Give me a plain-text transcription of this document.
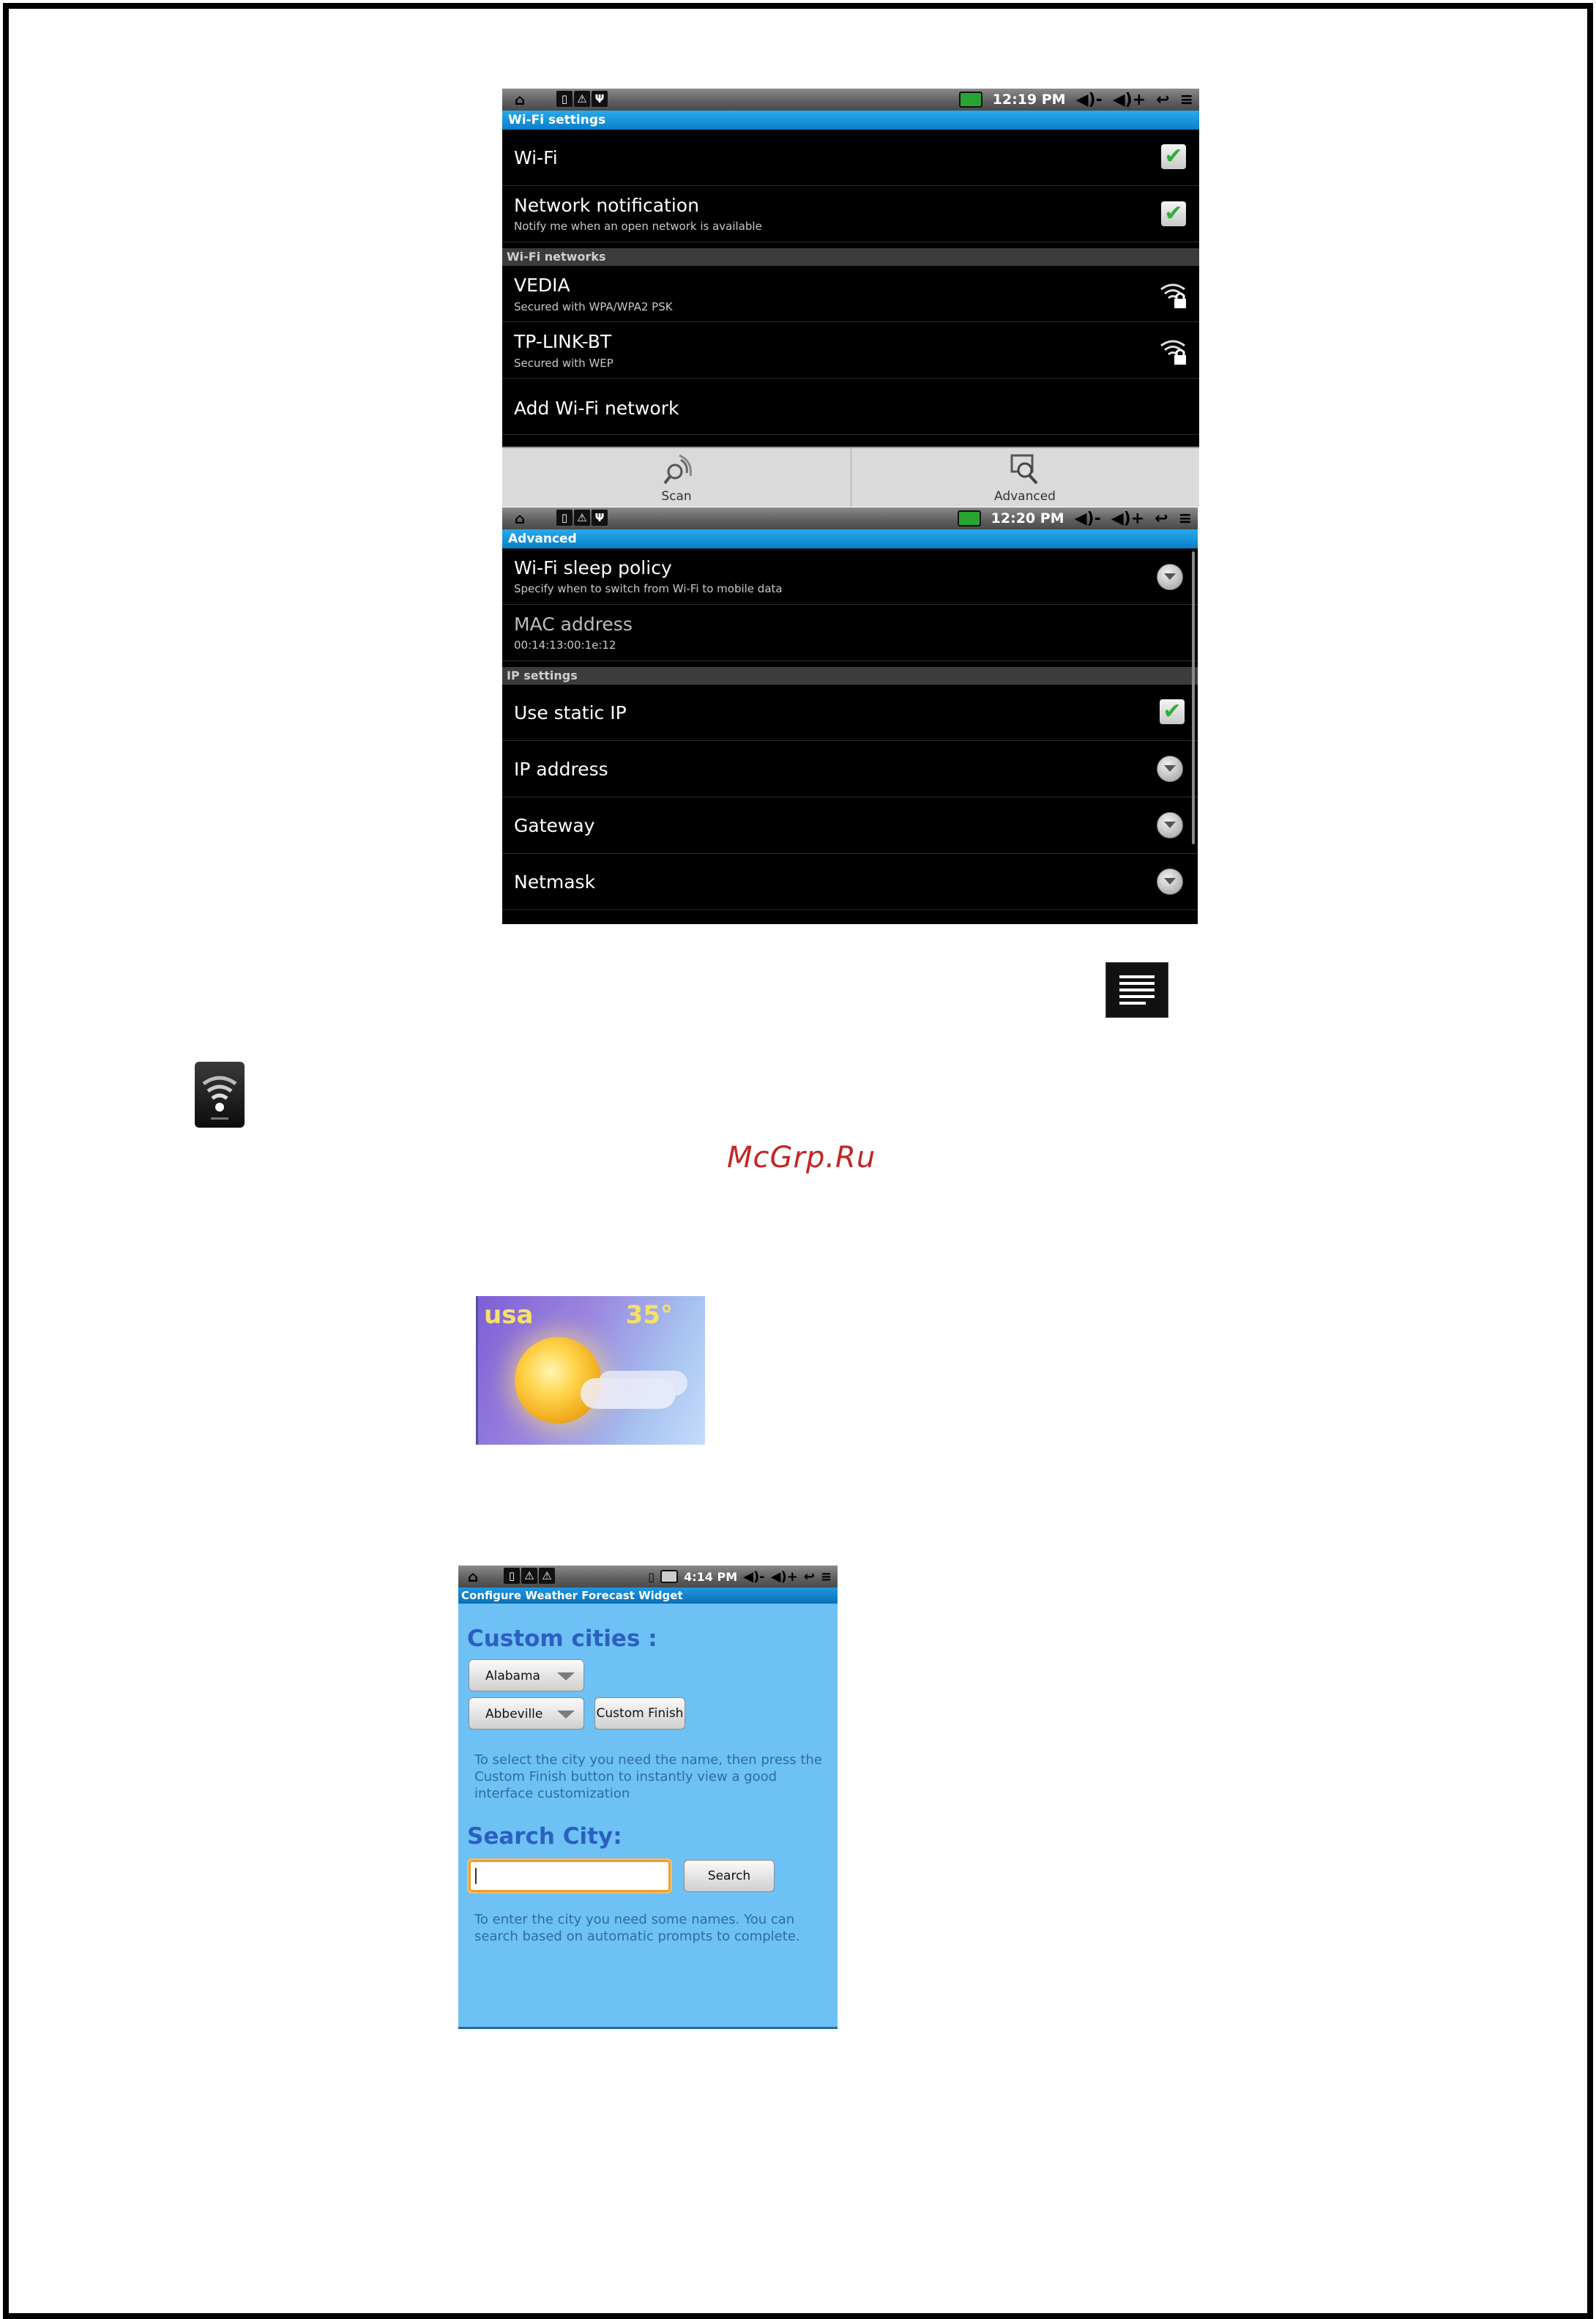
⌂	▯ ⚠ Ψ	12:19 PM ◀)- ◀)+ ↩ ≡
Wi-Fi settings
Wi-Fi	✔
Network notification
Notify me when an open network is available	✔
Wi-Fi networks
VEDIA
Secured with WPA/WPA2 PSK
TP-LINK-BT
Secured with WEP
Add Wi-Fi network
Scan	Advanced
⌂	▯ ⚠ Ψ	12:20 PM ◀)- ◀)+ ↩ ≡
Advanced
Wi-Fi sleep policy
Specify when to switch from Wi-Fi to mobile data
MAC address
00:14:13:00:1e:12
IP settings
Use static IP	✔
IP address
Gateway
Netmask
McGrp.Ru
usa	35°
⌂	▯ ⚠ ⚠	▯	4:14 PM ◀)- ◀)+ ↩ ≡
Configure Weather Forecast Widget
Custom cities :
Alabama
Abbeville	Custom Finish
To select the city you need the name, then press the Custom Finish button to instantly view a good interface customization
Search City:
Search
To enter the city you need some names. You can search based on automatic prompts to complete.
